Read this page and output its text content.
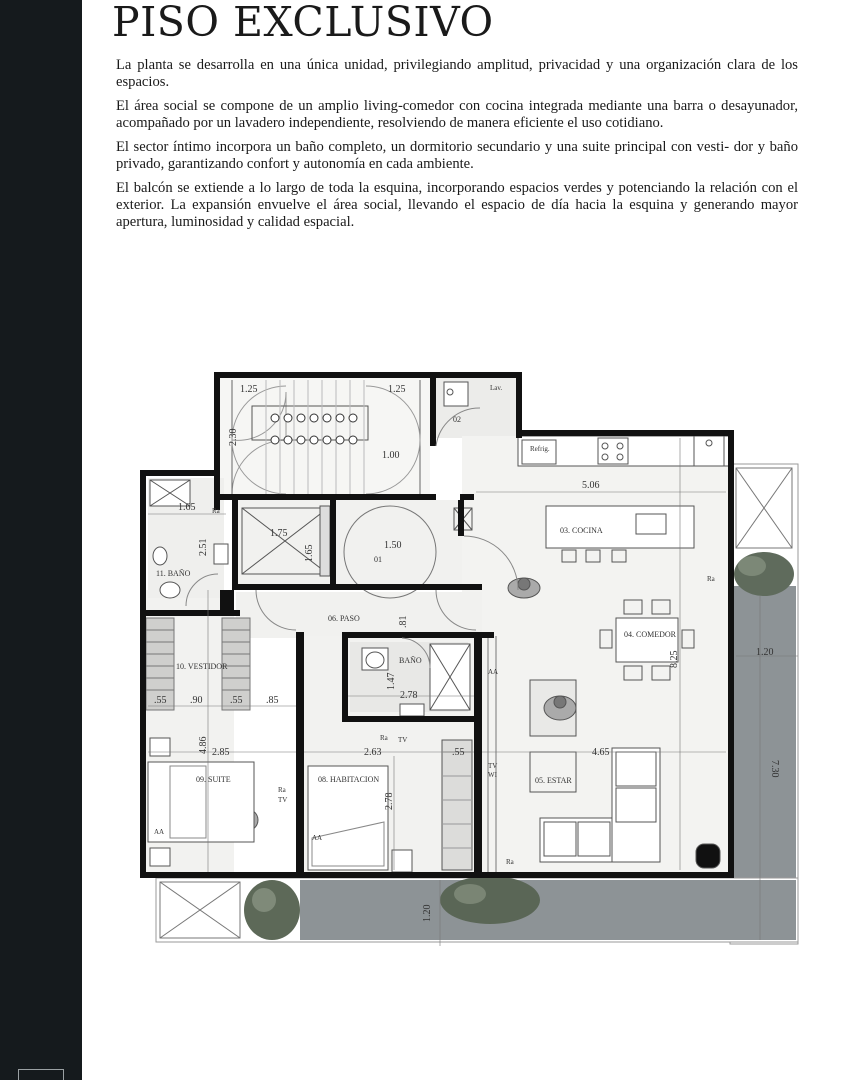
PISO EXCLUSIVO

La planta se desarrolla en una única unidad, privilegiando amplitud, privacidad y una organización clara de los espacios.

El área social se compone de un amplio living-comedor con cocina integrada mediante una barra o desayunador, acompañado por un lavadero independiente, resolviendo de manera eficiente el uso cotidiano.

El sector íntimo incorpora un baño completo, un dormitorio secundario y una suite principal con vesti- dor y baño privado, garantizando confort y autonomía en cada ambiente.

El balcón se extiende a lo largo de toda la esquina, incorporando espacios verdes y potenciando la relación con el exterior. La expansión envuelve el área social, llevando el espacio de día hacia la esquina y generando mayor apertura, luminosidad y calidad espacial.

01
02
03. COCINA
04. COMEDOR
05. ESTAR
06. PASO
BAÑO
08. HABITACION
09. SUITE
10. VESTIDOR
11. BAÑO
Lav.
Refrig.
Ra
Ra
Ra TV
Ra
TV
AA
AA
AA
TV
WI
Ra
1.25	1.25
2.30
1.00
1.75
1.65	1.50
5.06
1.65
2.51
2.78
1.47
.81
.55 .90	.55 .85
2.85
4.86	2.63
2.78
.55	4.65
8.25	1.20
7.30
1.20
